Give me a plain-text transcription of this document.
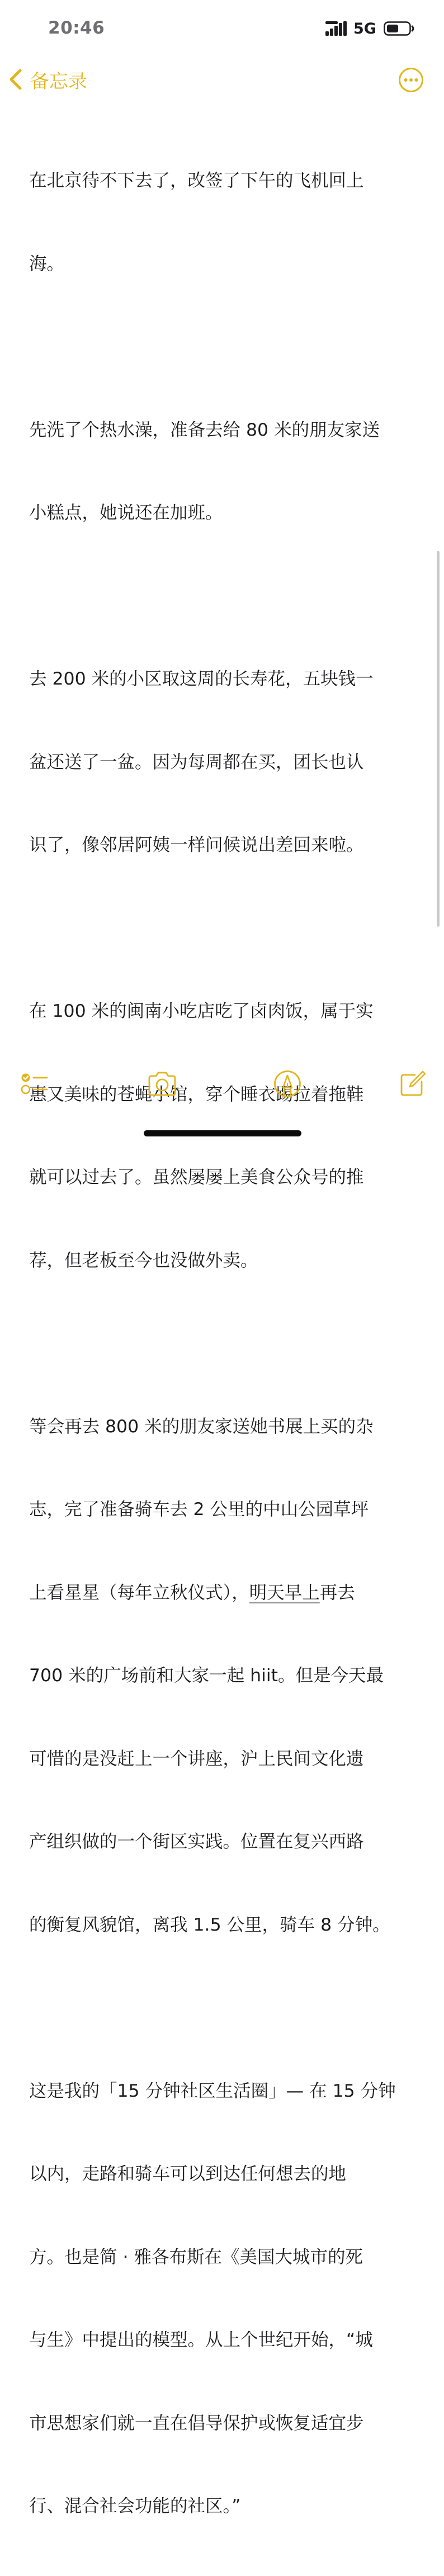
20:46	5G
备忘录

在北京待不下去了，改签了下午的飞机回上

海。

先洗了个热水澡，准备去给 80 米的朋友家送

小糕点，她说还在加班。

去 200 米的小区取这周的长寿花，五块钱一

盆还送了一盆。因为每周都在买，团长也认

识了，像邻居阿姨一样问候说出差回来啦。

在 100 米的闽南小吃店吃了卤肉饭，属于实

惠又美味的苍蝇小馆，穿个睡衣踢拉着拖鞋

就可以过去了。虽然屡屡上美食公众号的推

荐，但老板至今也没做外卖。

等会再去 800 米的朋友家送她书展上买的杂

志，完了准备骑车去 2 公里的中山公园草坪

上看星星（每年立秋仪式），明天早上再去

700 米的广场前和大家一起 hiit。但是今天最

可惜的是没赶上一个讲座，沪上民间文化遗

产组织做的一个街区实践。位置在复兴西路

的衡复风貌馆，离我 1.5 公里，骑车 8 分钟。

这是我的「15 分钟社区生活圈」— 在 15 分钟

以内，走路和骑车可以到达任何想去的地

方。也是简 · 雅各布斯在《美国大城市的死

与生》中提出的模型。从上个世纪开始，“城

市思想家们就一直在倡导保护或恢复适宜步

行、混合社会功能的社区。”
